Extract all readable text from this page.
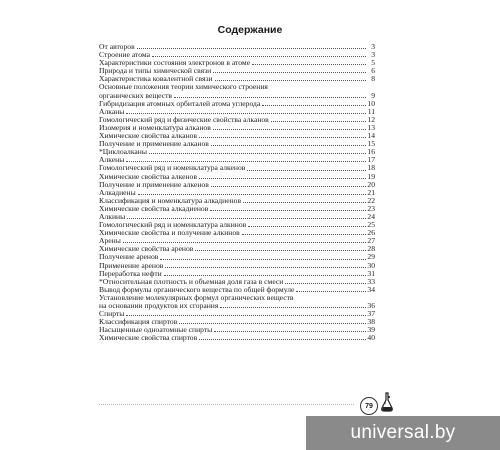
Содержание
От авторов	3
Строение атома	3
Характеристики состояния электронов в атоме	5
Природа и типы химической связи	6
Характеристика ковалентной связи	8
Основные положения теории химического строения
органических веществ	9
Гибридизация атомных орбиталей атома углерода	10
Алканы	11
Гомологический ряд и физические свойства алканов	12
Изомерия и номенклатура алканов	13
Химические свойства алканов	14
Получение и применение алканов	15
*Циклоалканы	16
Алкены	17
Гомологический ряд и номенклатура алкенов	18
Химические свойства алкенов	19
Получение и применение алкенов	20
Алкадиены	21
Классификация и номенклатура алкадиенов	22
Химические свойства алкадиенов	23
Алкины	24
Гомологический ряд и номенклатура алкинов	25
Химические свойства и получение алкинов	26
Арены	27
Химические свойства аренов	28
Получение аренов	29
Применение аренов	30
Переработка нефти	31
*Относительная плотность и объемная доля газа в смеси	33
Вывод формулы органического вещества по общей формуле	34
Установление молекулярных формул органических веществ
на основании продуктов их сгорания	36
Спирты	37
Классификация спиртов	38
Насыщенные одноатомные спирты	39
Химические свойства спиртов	40
79
universal.by
